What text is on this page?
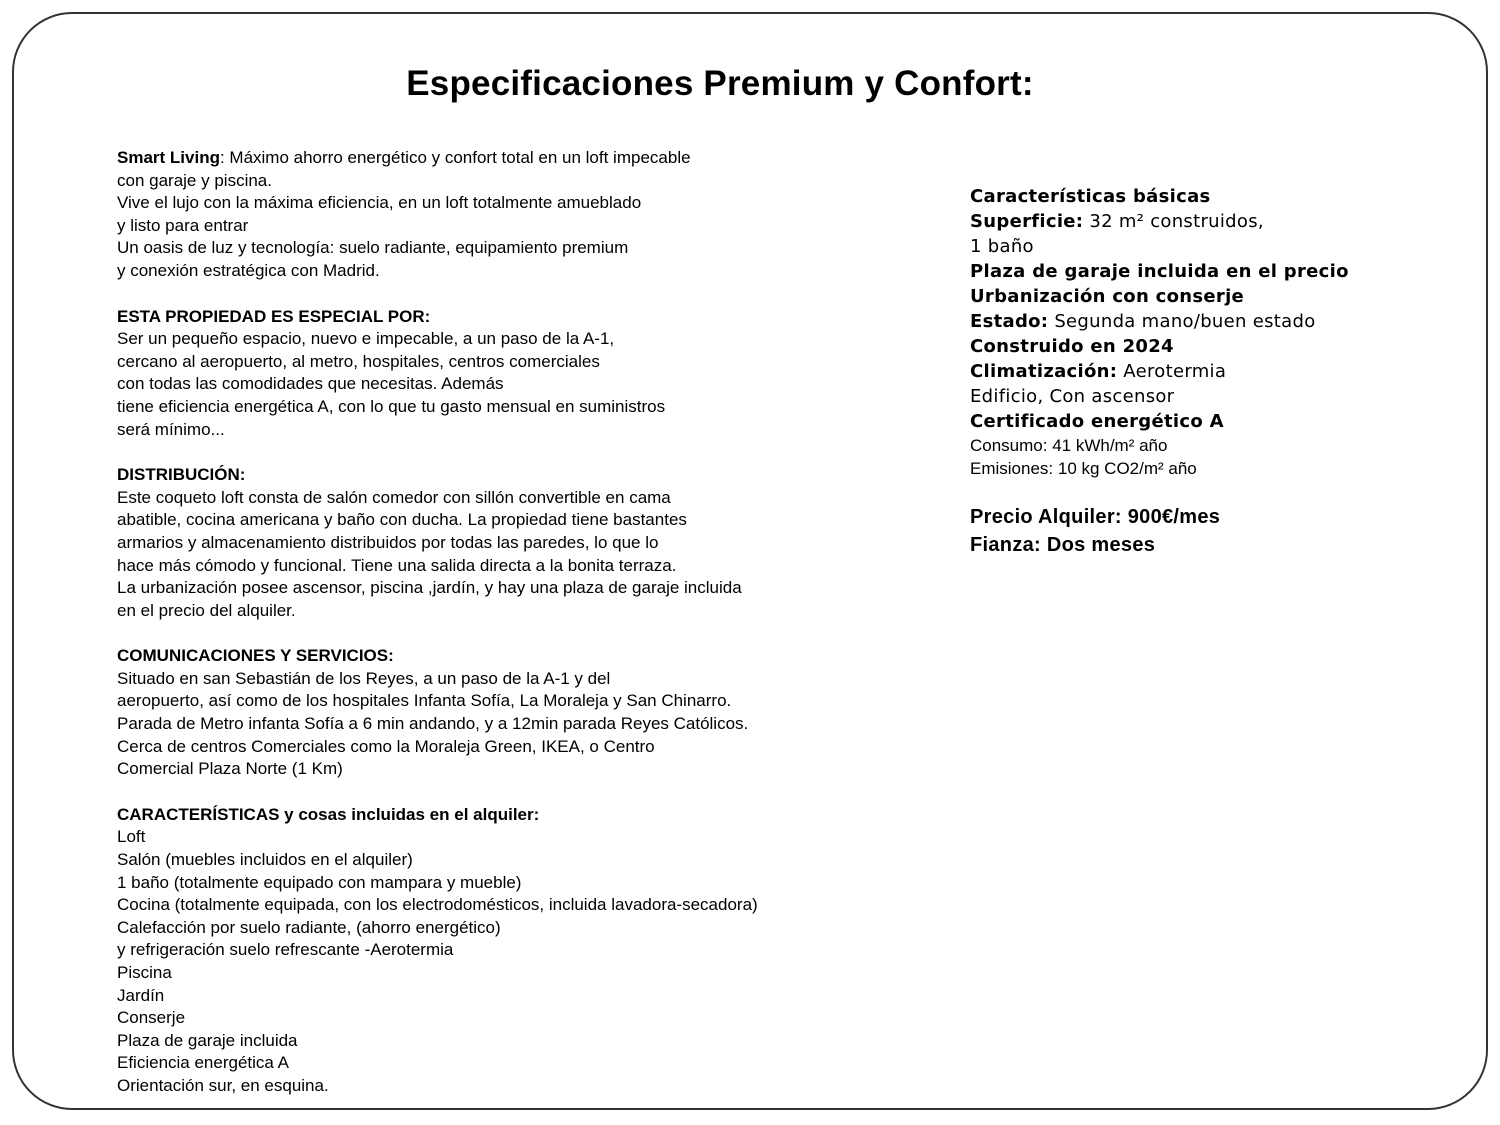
Especificaciones Premium y Confort:
Smart Living: Máximo ahorro energético y confort total en un loft impecable
con garaje y piscina.
Vive el lujo con la máxima eficiencia, en un loft totalmente amueblado
y listo para entrar
Un oasis de luz y tecnología: suelo radiante, equipamiento premium
y conexión estratégica con Madrid.
ESTA PROPIEDAD ES ESPECIAL POR:
Ser un pequeño espacio, nuevo e impecable, a un paso de la A-1,
cercano al aeropuerto, al metro, hospitales, centros comerciales
con todas las comodidades que necesitas. Además
tiene eficiencia energética A, con lo que tu gasto mensual en suministros
será mínimo...
DISTRIBUCIÓN:
Este coqueto loft consta de salón comedor con sillón convertible en cama
abatible, cocina americana y baño con ducha. La propiedad tiene bastantes
armarios y almacenamiento distribuidos por todas las paredes, lo que lo
hace más cómodo y funcional. Tiene una salida directa a la bonita terraza.
La urbanización posee ascensor, piscina ,jardín, y hay una plaza de garaje incluida
en el precio del alquiler.
COMUNICACIONES Y SERVICIOS:
Situado en san Sebastián de los Reyes, a un paso de la A-1 y del
aeropuerto, así como de los hospitales Infanta Sofía, La Moraleja y San Chinarro.
Parada de Metro infanta Sofía a 6 min andando, y a 12min parada Reyes Católicos.
Cerca de centros Comerciales como la Moraleja Green, IKEA, o Centro
Comercial Plaza Norte (1 Km)
CARACTERÍSTICAS y cosas incluidas en el alquiler:
Loft
Salón (muebles incluidos en el alquiler)
1 baño (totalmente equipado con mampara y mueble)
Cocina (totalmente equipada, con los electrodomésticos, incluida lavadora-secadora)
Calefacción por suelo radiante, (ahorro energético)
y refrigeración suelo refrescante -Aerotermia
Piscina
Jardín
Conserje
Plaza de garaje incluida
Eficiencia energética A
Orientación sur, en esquina.
Características básicas
Superficie: 32 m² construidos,
1 baño
Plaza de garaje incluida en el precio
Urbanización con conserje
Estado: Segunda mano/buen estado
Construido en 2024
Climatización: Aerotermia
Edificio, Con ascensor
Certificado energético A
Consumo: 41 kWh/m² año
Emisiones: 10 kg CO2/m² año
Precio Alquiler: 900€/mes
Fianza: Dos meses
